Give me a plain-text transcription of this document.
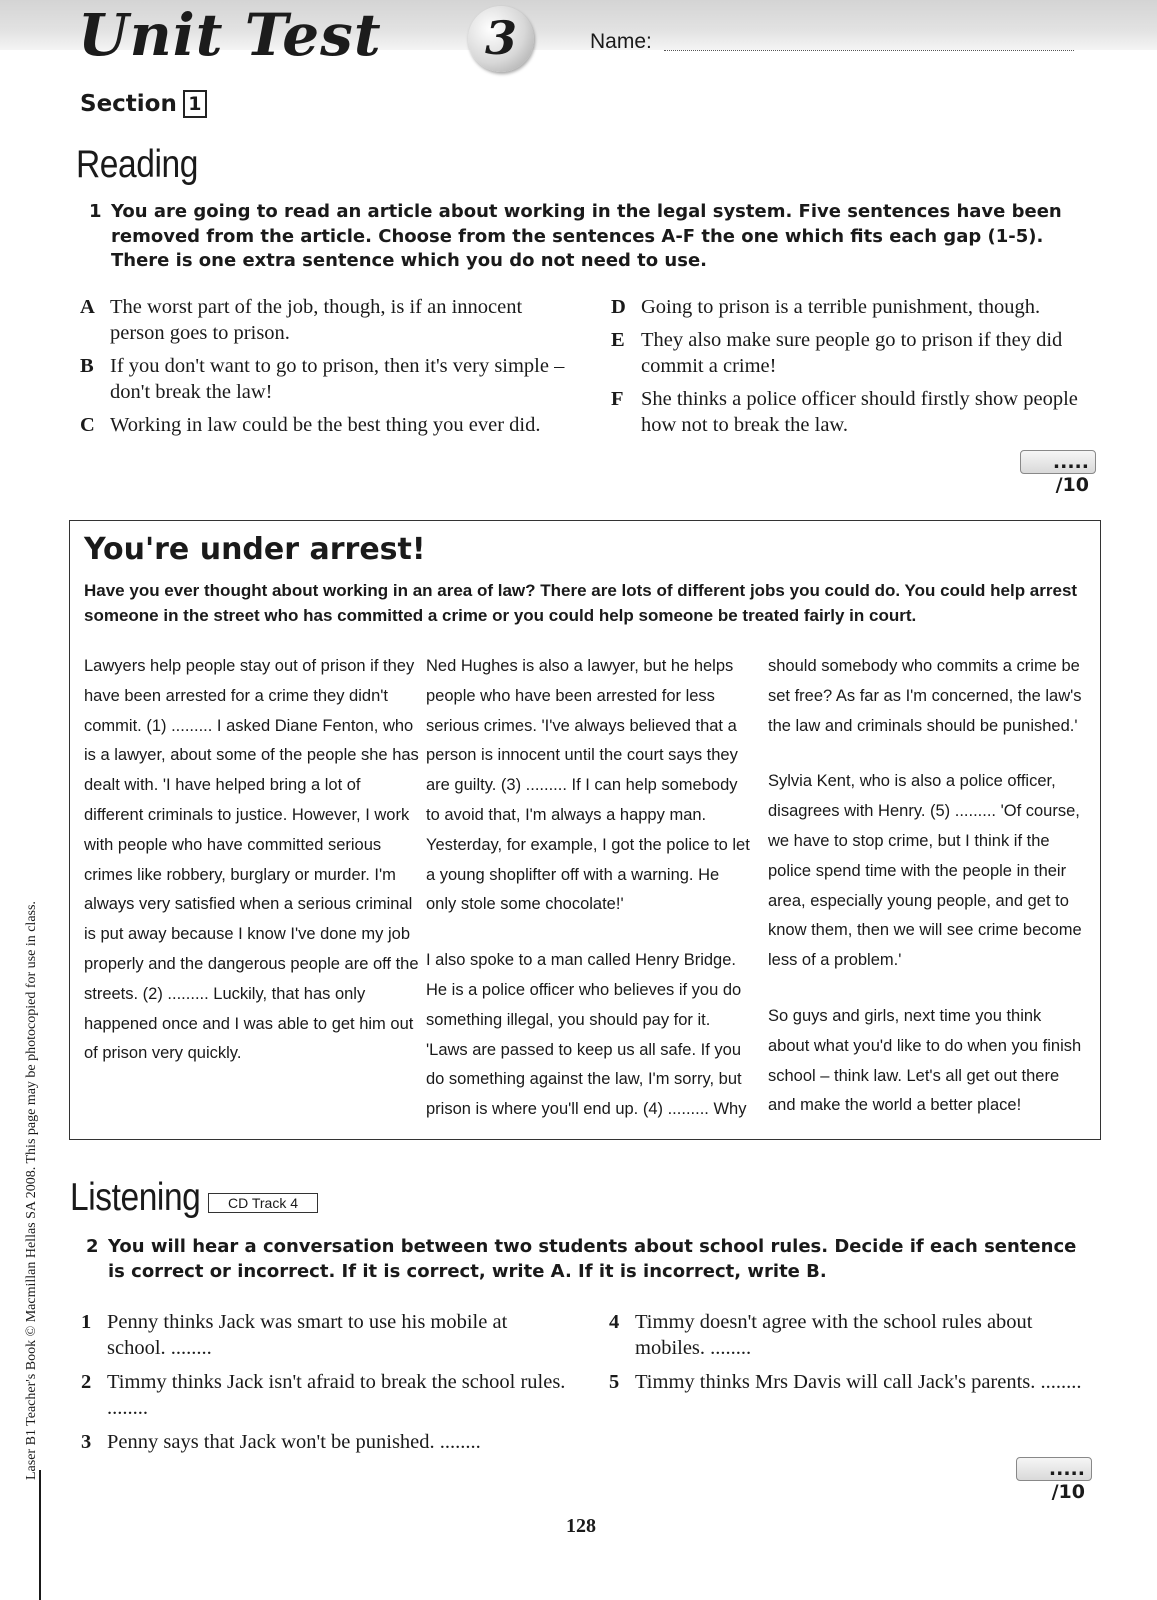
Unit Test	3	Name:
Section 1
Reading
1 You are going to read an article about working in the legal system. Five sentences have been removed from the article. Choose from the sentences A-F the one which fits each gap (1-5). There is one extra sentence which you do not need to use.
A The worst part of the job, though, is if an innocent person goes to prison.
B If you don't want to go to prison, then it's very simple – don't break the law!
C Working in law could be the best thing you ever did.
D Going to prison is a terrible punishment, though.
E They also make sure people go to prison if they did commit a crime!
F She thinks a police officer should firstly show people how not to break the law.
..... /10
You're under arrest!
Have you ever thought about working in an area of law? There are lots of different jobs you could do. You could help arrest someone in the street who has committed a crime or you could help someone be treated fairly in court.

Lawyers help people stay out of prison if they have been arrested for a crime they didn't commit. (1) ......... I asked Diane Fenton, who is a lawyer, about some of the people she has dealt with. 'I have helped bring a lot of different criminals to justice. However, I work with people who have committed serious crimes like robbery, burglary or murder. I'm always very satisfied when a serious criminal is put away because I know I've done my job properly and the dangerous people are off the streets. (2) ......... Luckily, that has only happened once and I was able to get him out of prison very quickly.

Ned Hughes is also a lawyer, but he helps people who have been arrested for less serious crimes. 'I've always believed that a person is innocent until the court says they are guilty. (3) ......... If I can help somebody to avoid that, I'm always a happy man. Yesterday, for example, I got the police to let a young shoplifter off with a warning. He only stole some chocolate!'

I also spoke to a man called Henry Bridge. He is a police officer who believes if you do something illegal, you should pay for it. 'Laws are passed to keep us all safe. If you do something against the law, I'm sorry, but prison is where you'll end up. (4) ......... Why

should somebody who commits a crime be set free? As far as I'm concerned, the law's the law and criminals should be punished.'

Sylvia Kent, who is also a police officer, disagrees with Henry. (5) ......... 'Of course, we have to stop crime, but I think if the police spend time with the people in their area, especially young people, and get to know them, then we will see crime become less of a problem.'

So guys and girls, next time you think about what you'd like to do when you finish school – think law. Let's all get out there and make the world a better place!

Listening	CD Track 4
2 You will hear a conversation between two students about school rules. Decide if each sentence is correct or incorrect. If it is correct, write A. If it is incorrect, write B.
1 Penny thinks Jack was smart to use his mobile at school. ........
2 Timmy thinks Jack isn't afraid to break the school rules. ........
3 Penny says that Jack won't be punished. ........
4 Timmy doesn't agree with the school rules about mobiles. ........
5 Timmy thinks Mrs Davis will call Jack's parents. ........
..... /10
128
Laser B1 Teacher's Book © Macmillan Hellas SA 2008. This page may be photocopied for use in class.
